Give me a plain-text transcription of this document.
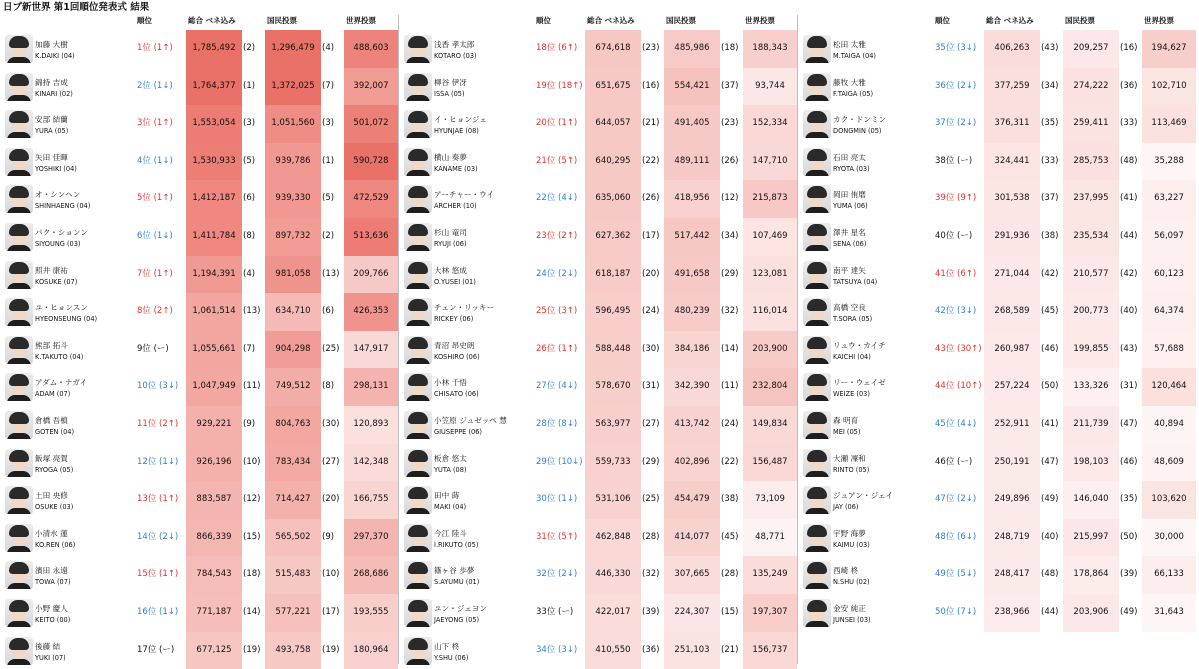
日プ新世界 第1回順位発表式 結果
順位	総合 ベネ込み	国民投票	世界投票
加藤 大樹
K.DAIKI (04)
1位 (1↑)	1,785,492 (2)	1,296,479 (4)	488,603
錦持 吉成
KINARI (02)
2位 (1↓)	1,764,377 (1)	1,372,025 (7)	392,007
安部 結蘭
YURA (05)
3位 (1↑)	1,553,054 (3)	1,051,560 (3)	501,072
矢田 佳暉
YOSHIKI (04)
4位 (1↓)	1,530,933 (5)	939,786	(1)	590,728
オ・シンヘン
SHINHAENG (04)
5位 (1↑)	1,412,187 (6)	939,330	(5)	472,529
パク・ションン
SIYOUNG (03)
6位 (1↓)	1,411,784 (8)	897,732	(2)	513,636
照井 康祐
KOSUKE (07)
7位 (1↑)	1,194,391 (4)	981,058	(13)	209,766
ユ・ヒョンスン
HYEONSEUNG (04)
8位 (2↑)	1,061,514 (13)	634,710	(6)	426,353
熊部 拓斗
K.TAKUTO (04)
9位 (ー)	1,055,661 (7)	904,298	(25)	147,917
アダム・ナガイ
ADAM (07)
10位 (3↓)	1,047,949 (11)	749,512	(8)	298,131
倉橋 吾槙
GOTEN (04)
11位 (2↑)	929,221	(9)	804,763	(30)	120,893
飯塚 亮賀
RYOGA (05)
12位 (1↓)	926,196	(10)	783,434	(27)	142,348
土田 央修
OSUKE (03)
13位 (1↑)	883,587	(12)	714,427	(20)	166,755
小清水 蓮
KO.REN (06)
14位 (2↓)	866,339	(15)	565,502	(9)	297,370
濱田 永遠
TOWA (07)
15位 (1↑)	784,543	(18)	515,483	(10)	268,686
小野 慶人
KEITO (00)
16位 (1↓)	771,187	(14)	577,221	(17)	193,555
後藤 結
YUKI (07)
17位 (ー)	677,125	(19)	493,758	(19)	180,964
順位	総合 ベネ込み	国民投票	世界投票
浅香 孝太郎
KOTARO (03)
18位 (6↑)	674,618	(23)	485,986	(18)	188,343
柳谷 伊冴
ISSA (05)
19位 (18↑)	651,675	(16)	554,421	(37)	93,744
イ・ヒョンジェ
HYUNJAE (08)
20位 (1↑)	644,057	(21)	491,405	(23)	152,334
横山 奏夢
KANAME (03)
21位 (5↑)	640,295	(22)	489,111	(26)	147,710
アーチャー・ウイ
ARCHER (10)
22位 (4↓)	635,060	(26)	418,956	(12)	215,873
杉山 竜司
RYUJI (06)
23位 (2↑)	627,362	(17)	517,442	(34)	107,469
大林 悠成
O.YUSEI (01)
24位 (2↓)	618,187	(20)	491,658	(29)	123,081
チェン・リッキー
RICKEY (06)
25位 (3↑)	596,495	(24)	480,239	(32)	116,014
青沼 昂史朗
KOSHIRO (06)
26位 (1↑)	588,448	(30)	384,186	(14)	203,900
小林 千悟
CHISATO (06)
27位 (4↓)	578,670	(31)	342,390	(11)	232,804
小笠原 ジュゼッペ 慧
GIUSEPPE (06)
28位 (8↓)	563,977	(27)	413,742	(24)	149,834
板倉 悠太
YUTA (08)
29位 (10↓)	559,733	(29)	402,896	(22)	156,487
田中 蒔
MAKI (04)
30位 (1↓)	531,106	(25)	454,479	(38)	73,109
今江 陸斗
I.RIKUTO (05)
31位 (5↑)	462,848	(28)	414,077	(45)	48,771
篠ヶ谷 歩夢
S.AYUMU (01)
32位 (2↓)	446,330	(32)	307,665	(28)	135,249
ユン・ジェヨン
JAEYONG (05)
33位 (ー)	422,017	(39)	224,307	(15)	197,307
山下 柊
Y.SHU (06)
34位 (3↓)	410,550	(36)	251,103	(21)	156,737
順位	総合 ベネ込み	国民投票	世界投票
松田 太雅
M.TAIGA (04)
35位 (3↓)	406,263	(43)	209,257	(16)	194,627
藤牧 大雅
F.TAIGA (05)
36位 (2↓)	377,259	(34)	274,222	(36)	102,710
カク・ドンミン
DONGMIN (05)
37位 (2↓)	376,311	(35)	259,411	(33)	113,469
石田 亮太
RYOTA (03)
38位 (ー)	324,441	(33)	285,753	(48)	35,288
岡田 侑磨
YUMA (06)
39位 (9↑)	301,538	(37)	237,995	(41)	63,227
澤井 星名
SENA (06)
40位 (ー)	291,936	(38)	235,534	(44)	56,097
南平 達矢
TATSUYA (04)
41位 (6↑)	271,044	(42)	210,577	(42)	60,123
高橋 空良
T.SORA (05)
42位 (3↓)	268,589	(45)	200,773	(40)	64,374
リュウ・カイチ
KAICHI (04)
43位 (30↑)	260,987	(46)	199,855	(43)	57,688
リー・ウェイゼ
WEIZE (03)
44位 (10↑)	257,224	(50)	133,326	(31)	120,464
森 明育
MEI (05)
45位 (4↓)	252,911	(41)	211,739	(47)	40,894
大瀬 凜和
RINTO (05)
46位 (ー)	250,191	(47)	198,103	(46)	48,609
ジュアン・ジェイ
JAY (06)
47位 (2↓)	249,896	(49)	146,040	(35)	103,620
宇野 海夢
KAIMU (03)
48位 (6↓)	248,719	(40)	215,997	(50)	30,000
西崎 柊
N.SHU (02)
49位 (5↓)	248,417	(48)	178,864	(39)	66,133
金安 純正
JUNSEI (03)
50位 (7↓)	238,966	(44)	203,906	(49)	31,643
